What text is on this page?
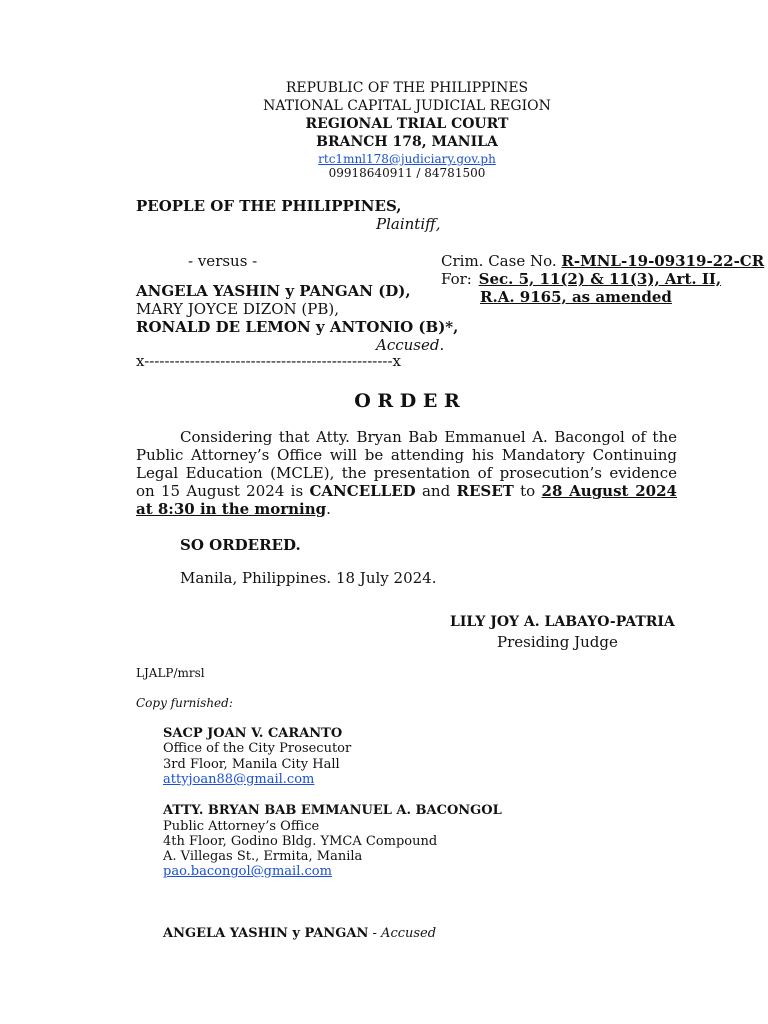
REPUBLIC OF THE PHILIPPINES
NATIONAL CAPITAL JUDICIAL REGION
REGIONAL TRIAL COURT
BRANCH 178, MANILA
rtc1mnl178@judiciary.gov.ph
09918640911 / 84781500
PEOPLE OF THE PHILIPPINES,
Plaintiff,
- versus -
ANGELA YASHIN y PANGAN (D),
MARY JOYCE DIZON (PB),
RONALD DE LEMON y ANTONIO (B)*,
Accused.
x-------------------------------------------------x
Crim. Case No. R-MNL-19-09319-22-CR
For: Sec. 5, 11(2) & 11(3), Art. II,
R.A. 9165, as amended
O R D E R
Considering that Atty. Bryan Bab Emmanuel A. Bacongol of the Public Attorney’s Office will be attending his Mandatory Continuing Legal Education (MCLE), the presentation of prosecution’s evidence on 15 August 2024 is CANCELLED and RESET to 28 August 2024 at 8:30 in the morning.
SO ORDERED.
Manila, Philippines. 18 July 2024.
LILY JOY A. LABAYO-PATRIA
Presiding Judge
LJALP/mrsl
Copy furnished:
SACP JOAN V. CARANTO
Office of the City Prosecutor
3rd Floor, Manila City Hall
attyjoan88@gmail.com
ATTY. BRYAN BAB EMMANUEL A. BACONGOL
Public Attorney’s Office
4th Floor, Godino Bldg. YMCA Compound
A. Villegas St., Ermita, Manila
pao.bacongol@gmail.com
ANGELA YASHIN y PANGAN - Accused
